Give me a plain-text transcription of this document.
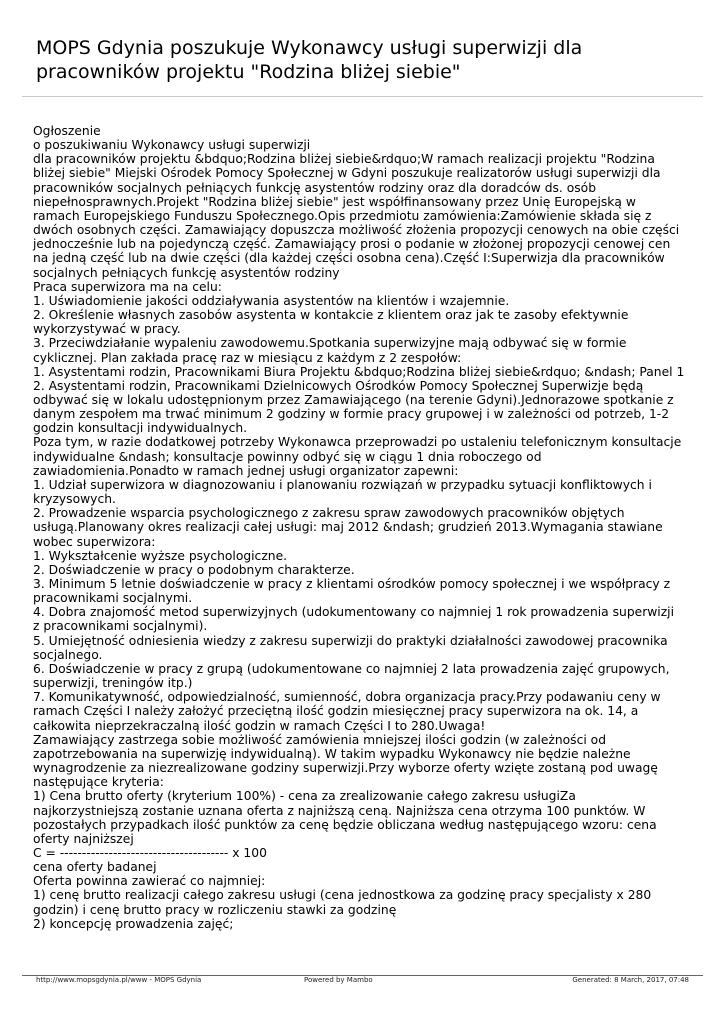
MOPS Gdynia poszukuje Wykonawcy usługi superwizji dla pracowników projektu "Rodzina bliżej siebie"
Ogłoszenie
o poszukiwaniu Wykonawcy usługi superwizji
dla pracowników projektu &bdquo;Rodzina bliżej siebie&rdquo;W ramach realizacji projektu "Rodzina
bliżej siebie" Miejski Ośrodek Pomocy Społecznej w Gdyni poszukuje realizatorów usługi superwizji dla
pracowników socjalnych pełniących funkcję asystentów rodziny oraz dla doradców ds. osób
niepełnosprawnych.Projekt "Rodzina bliżej siebie" jest współfinansowany przez Unię Europejską w
ramach Europejskiego Funduszu Społecznego.Opis przedmiotu zamówienia:Zamówienie składa się z
dwóch osobnych części. Zamawiający dopuszcza możliwość złożenia propozycji cenowych na obie części
jednocześnie lub na pojedynczą część. Zamawiający prosi o podanie w złożonej propozycji cenowej cen
na jedną część lub na dwie części (dla każdej części osobna cena).Część I:Superwizja dla pracowników
socjalnych pełniących funkcję asystentów rodziny
Praca superwizora ma na celu:
1. Uświadomienie jakości oddziaływania asystentów na klientów i wzajemnie.
2. Określenie własnych zasobów asystenta w kontakcie z klientem oraz jak te zasoby efektywnie
wykorzystywać w pracy.
3. Przeciwdziałanie wypaleniu zawodowemu.Spotkania superwizyjne mają odbywać się w formie
cyklicznej. Plan zakłada pracę raz w miesiącu z każdym z 2 zespołów:
1. Asystentami rodzin, Pracownikami Biura Projektu &bdquo;Rodzina bliżej siebie&rdquo; &ndash; Panel 1
2. Asystentami rodzin, Pracownikami Dzielnicowych Ośrodków Pomocy Społecznej Superwizje będą
odbywać się w lokalu udostępnionym przez Zamawiającego (na terenie Gdyni).Jednorazowe spotkanie z
danym zespołem ma trwać minimum 2 godziny w formie pracy grupowej i w zależności od potrzeb, 1-2
godzin konsultacji indywidualnych.
Poza tym, w razie dodatkowej potrzeby Wykonawca przeprowadzi po ustaleniu telefonicznym konsultacje
indywidualne &ndash; konsultacje powinny odbyć się w ciągu 1 dnia roboczego od
zawiadomienia.Ponadto w ramach jednej usługi organizator zapewni:
1. Udział superwizora w diagnozowaniu i planowaniu rozwiązań w przypadku sytuacji konfliktowych i
kryzysowych.
2. Prowadzenie wsparcia psychologicznego z zakresu spraw zawodowych pracowników objętych
usługą.Planowany okres realizacji całej usługi: maj 2012 &ndash; grudzień 2013.Wymagania stawiane
wobec superwizora:
1. Wykształcenie wyższe psychologiczne.
2. Doświadczenie w pracy o podobnym charakterze.
3. Minimum 5 letnie doświadczenie w pracy z klientami ośrodków pomocy społecznej i we współpracy z
pracownikami socjalnymi.
4. Dobra znajomość metod superwizyjnych (udokumentowany co najmniej 1 rok prowadzenia superwizji
z pracownikami socjalnymi).
5. Umiejętność odniesienia wiedzy z zakresu superwizji do praktyki działalności zawodowej pracownika
socjalnego.
6. Doświadczenie w pracy z grupą (udokumentowane co najmniej 2 lata prowadzenia zajęć grupowych,
superwizji, treningów itp.)
7. Komunikatywność, odpowiedzialność, sumienność, dobra organizacja pracy.Przy podawaniu ceny w
ramach Części I należy założyć przeciętną ilość godzin miesięcznej pracy superwizora na ok. 14, a
całkowita nieprzekraczalną ilość godzin w ramach Części I to 280.Uwaga!
Zamawiający zastrzega sobie możliwość zamówienia mniejszej ilości godzin (w zależności od
zapotrzebowania na superwizję indywidualną). W takim wypadku Wykonawcy nie będzie należne
wynagrodzenie za niezrealizowane godziny superwizji.Przy wyborze oferty wzięte zostaną pod uwagę
następujące kryteria:
1) Cena brutto oferty (kryterium 100%) - cena za zrealizowanie całego zakresu usługiZa
najkorzystniejszą zostanie uznana oferta z najniższą ceną. Najniższa cena otrzyma 100 punktów. W
pozostałych przypadkach ilość punktów za cenę będzie obliczana według następującego wzoru: cena
oferty najniższej
C = -------------------------------------- x 100
cena oferty badanej
Oferta powinna zawierać co najmniej:
1) cenę brutto realizacji całego zakresu usługi (cena jednostkowa za godzinę pracy specjalisty x 280
godzin) i cenę brutto pracy w rozliczeniu stawki za godzinę
2) koncepcję prowadzenia zajęć;
http://www.mopsgdynia.pl/www - MOPS Gdynia	Powered by Mambo	Generated: 8 March, 2017, 07:48
